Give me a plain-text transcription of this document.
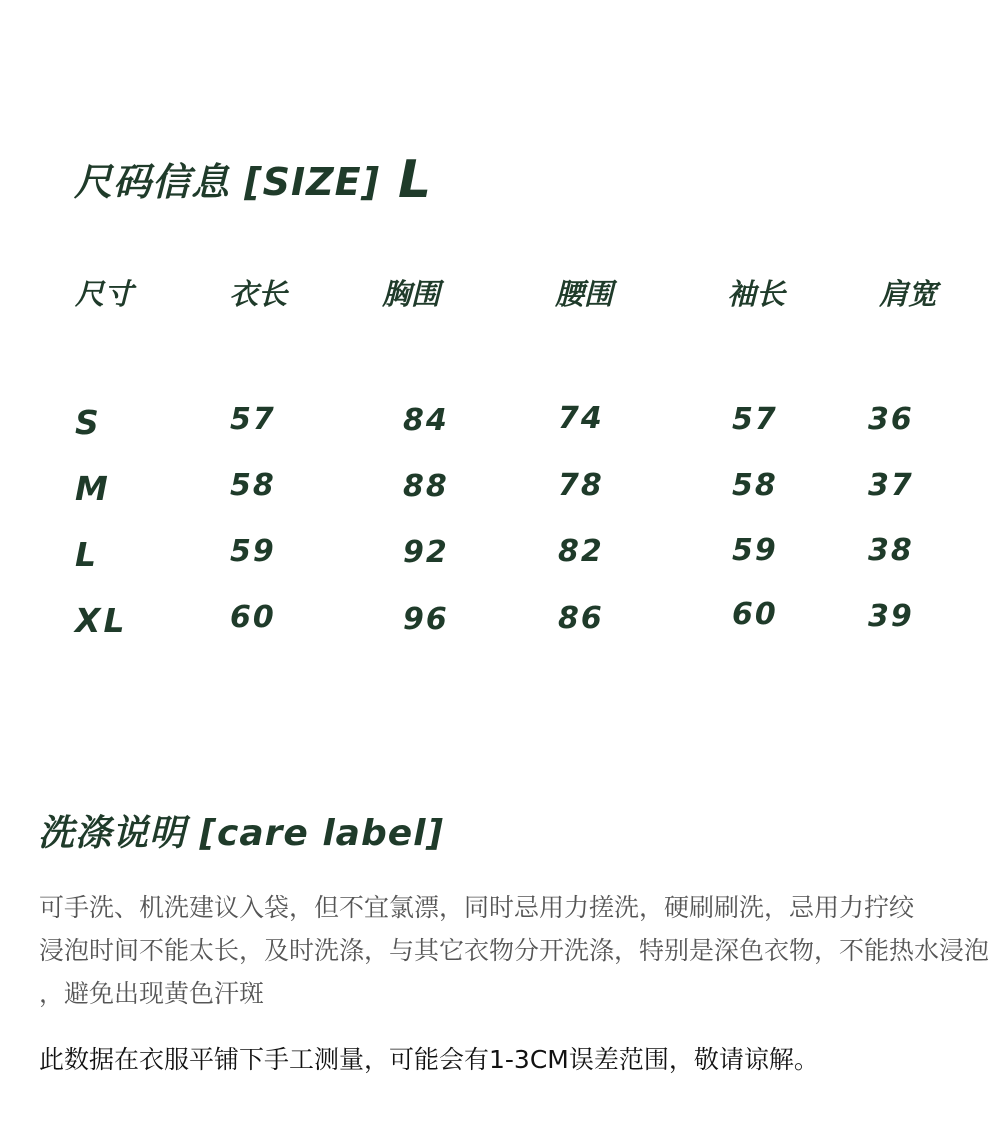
尺码信息 [SIZE] L
尺寸	衣长	胸围	腰围	袖长	肩宽
S	57	84	74	57	36
M	58	88	78	58	37
L	59	92	82	59	38
XL	60	96	86	60	39
洗涤说明 [care label]
可手洗、机洗建议入袋，但不宜氯漂，同时忌用力搓洗，硬刷刷洗，忌用力拧绞
浸泡时间不能太长，及时洗涤，与其它衣物分开洗涤，特别是深色衣物，不能热水浸泡
，避免出现黄色汗斑
此数据在衣服平铺下手工测量，可能会有1-3CM误差范围，敬请谅解。
